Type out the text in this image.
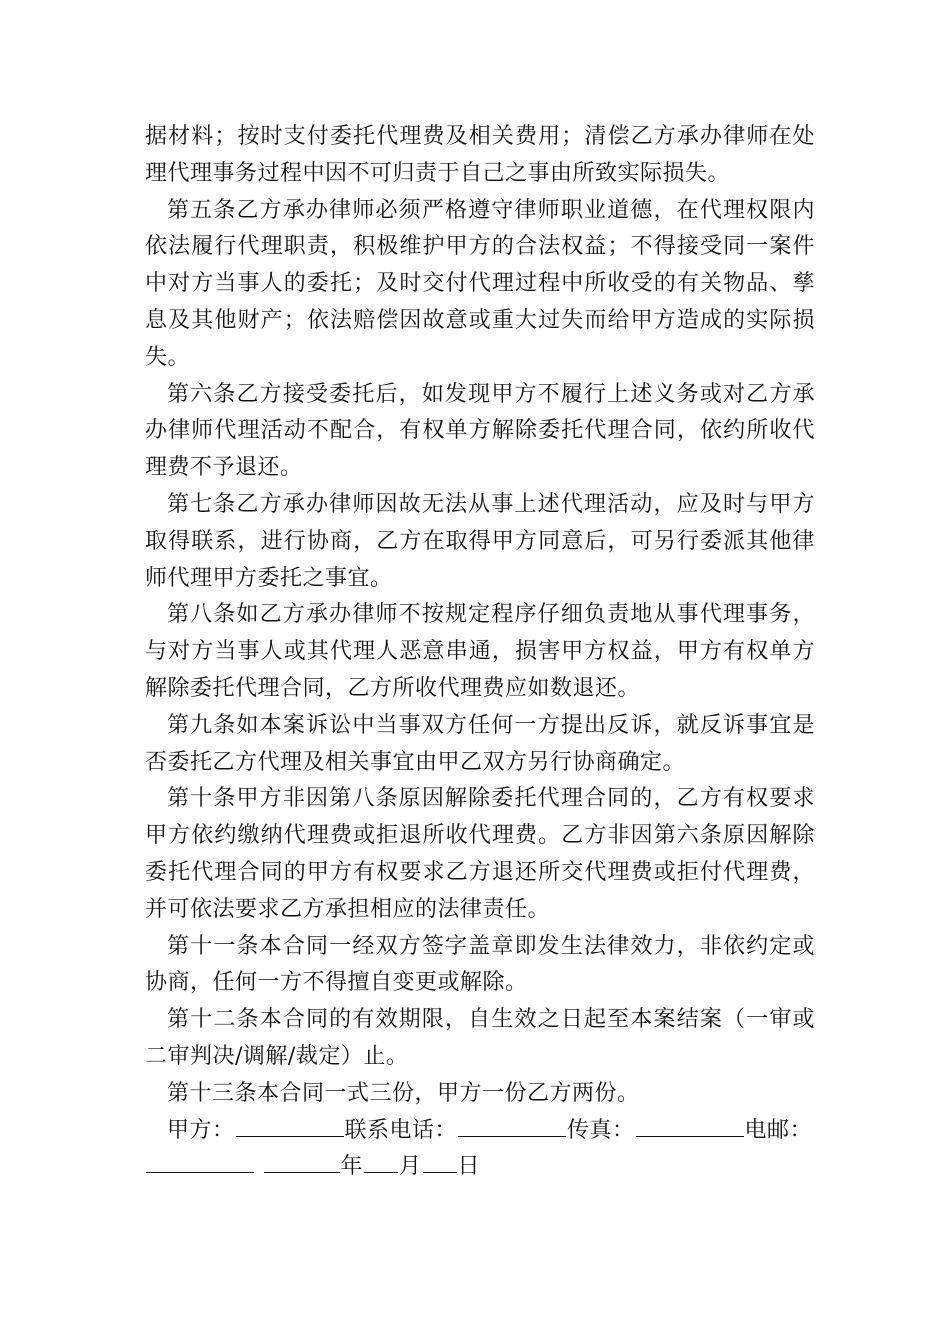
据材料；按时支付委托代理费及相关费用；清偿乙方承办律师在处理代理事务过程中因不可归责于自己之事由所致实际损失。

第五条乙方承办律师必须严格遵守律师职业道德，在代理权限内依法履行代理职责，积极维护甲方的合法权益；不得接受同一案件中对方当事人的委托；及时交付代理过程中所收受的有关物品、孳息及其他财产；依法赔偿因故意或重大过失而给甲方造成的实际损失。

第六条乙方接受委托后，如发现甲方不履行上述义务或对乙方承办律师代理活动不配合，有权单方解除委托代理合同，依约所收代理费不予退还。

第七条乙方承办律师因故无法从事上述代理活动，应及时与甲方取得联系，进行协商，乙方在取得甲方同意后，可另行委派其他律师代理甲方委托之事宜。

第八条如乙方承办律师不按规定程序仔细负责地从事代理事务，与对方当事人或其代理人恶意串通，损害甲方权益，甲方有权单方解除委托代理合同，乙方所收代理费应如数退还。

第九条如本案诉讼中当事双方任何一方提出反诉，就反诉事宜是否委托乙方代理及相关事宜由甲乙双方另行协商确定。

第十条甲方非因第八条原因解除委托代理合同的，乙方有权要求甲方依约缴纳代理费或拒退所收代理费。乙方非因第六条原因解除委托代理合同的甲方有权要求乙方退还所交代理费或拒付代理费，并可依法要求乙方承担相应的法律责任。

第十一条本合同一经双方签字盖章即发生法律效力，非依约定或协商，任何一方不得擅自变更或解除。

第十二条本合同的有效期限，自生效之日起至本案结案（一审或二审判决/调解/裁定）止。

第十三条本合同一式三份，甲方一份乙方两份。

甲方：	联系电话：	传真：	电邮：
年 月 日
